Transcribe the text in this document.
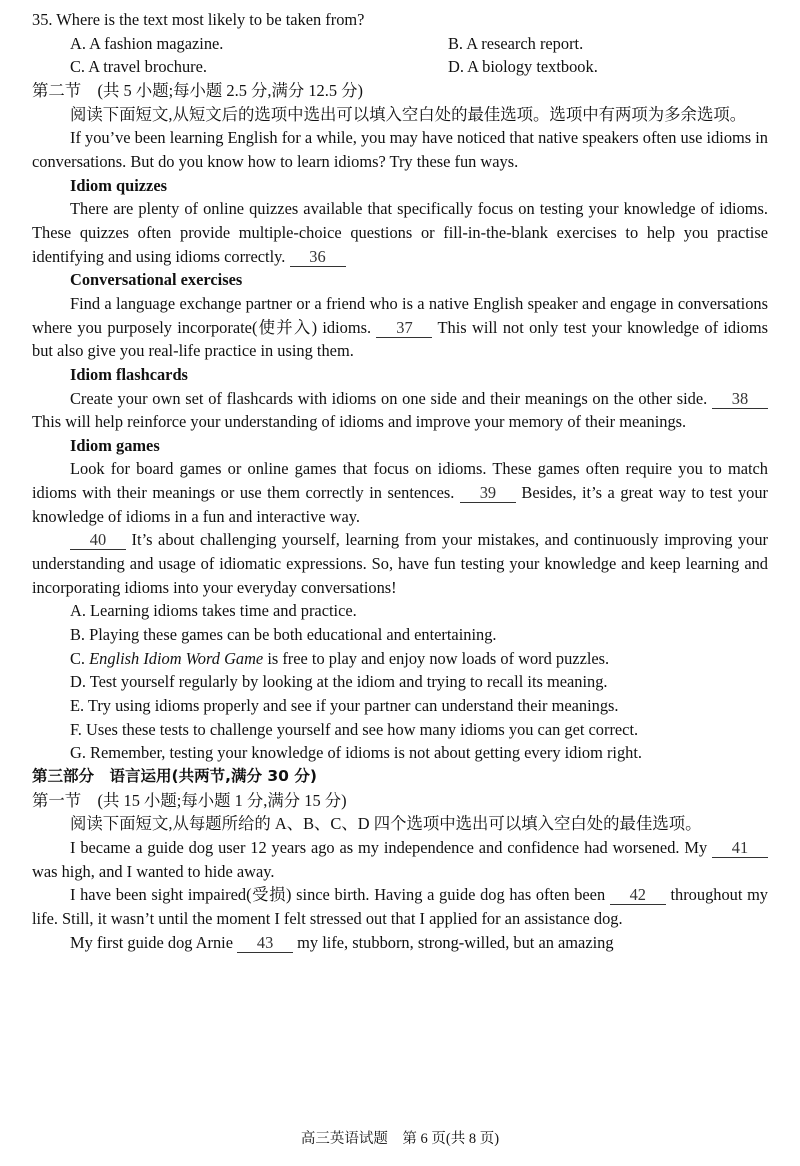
35. Where is the text most likely to be taken from?

A. A fashion magazine.	B. A research report.
C. A travel brochure.	D. A biology textbook.

第二节　(共 5 小题;每小题 2.5 分,满分 12.5 分)

阅读下面短文,从短文后的选项中选出可以填入空白处的最佳选项。选项中有两项为多余选项。

If you’ve been learning English for a while, you may have noticed that native speakers often use idioms in conversations. But do you know how to learn idioms? Try these fun ways.

Idiom quizzes

There are plenty of online quizzes available that specifically focus on testing your knowledge of idioms. These quizzes often provide multiple-choice questions or fill-in-the-blank exercises to help you practise identifying and using idioms correctly. 36

Conversational exercises

Find a language exchange partner or a friend who is a native English speaker and engage in conversations where you purposely incorporate(使并入) idioms. 37 This will not only test your knowledge of idioms but also give you real-life practice in using them.

Idiom flashcards

Create your own set of flashcards with idioms on one side and their meanings on the other side. 38 This will help reinforce your understanding of idioms and improve your memory of their meanings.

Idiom games

Look for board games or online games that focus on idioms. These games often require you to match idioms with their meanings or use them correctly in sentences. 39 Besides, it’s a great way to test your knowledge of idioms in a fun and interactive way.

40 It’s about challenging yourself, learning from your mistakes, and continuously improving your understanding and usage of idiomatic expressions. So, have fun testing your knowledge and keep learning and incorporating idioms into your everyday conversations!

A. Learning idioms takes time and practice.

B. Playing these games can be both educational and entertaining.

C. English Idiom Word Game is free to play and enjoy now loads of word puzzles.

D. Test yourself regularly by looking at the idiom and trying to recall its meaning.

E. Try using idioms properly and see if your partner can understand their meanings.

F. Uses these tests to challenge yourself and see how many idioms you can get correct.

G. Remember, testing your knowledge of idioms is not about getting every idiom right.

第三部分　语言运用(共两节,满分 30 分)

第一节　(共 15 小题;每小题 1 分,满分 15 分)

阅读下面短文,从每题所给的 A、B、C、D 四个选项中选出可以填入空白处的最佳选项。

I became a guide dog user 12 years ago as my independence and confidence had worsened. My 41 was high, and I wanted to hide away.

I have been sight impaired(受损) since birth. Having a guide dog has often been 42 throughout my life. Still, it wasn’t until the moment I felt stressed out that I applied for an assistance dog.

My first guide dog Arnie 43 my life, stubborn, strong-willed, but an amazing

高三英语试题　第 6 页(共 8 页)
